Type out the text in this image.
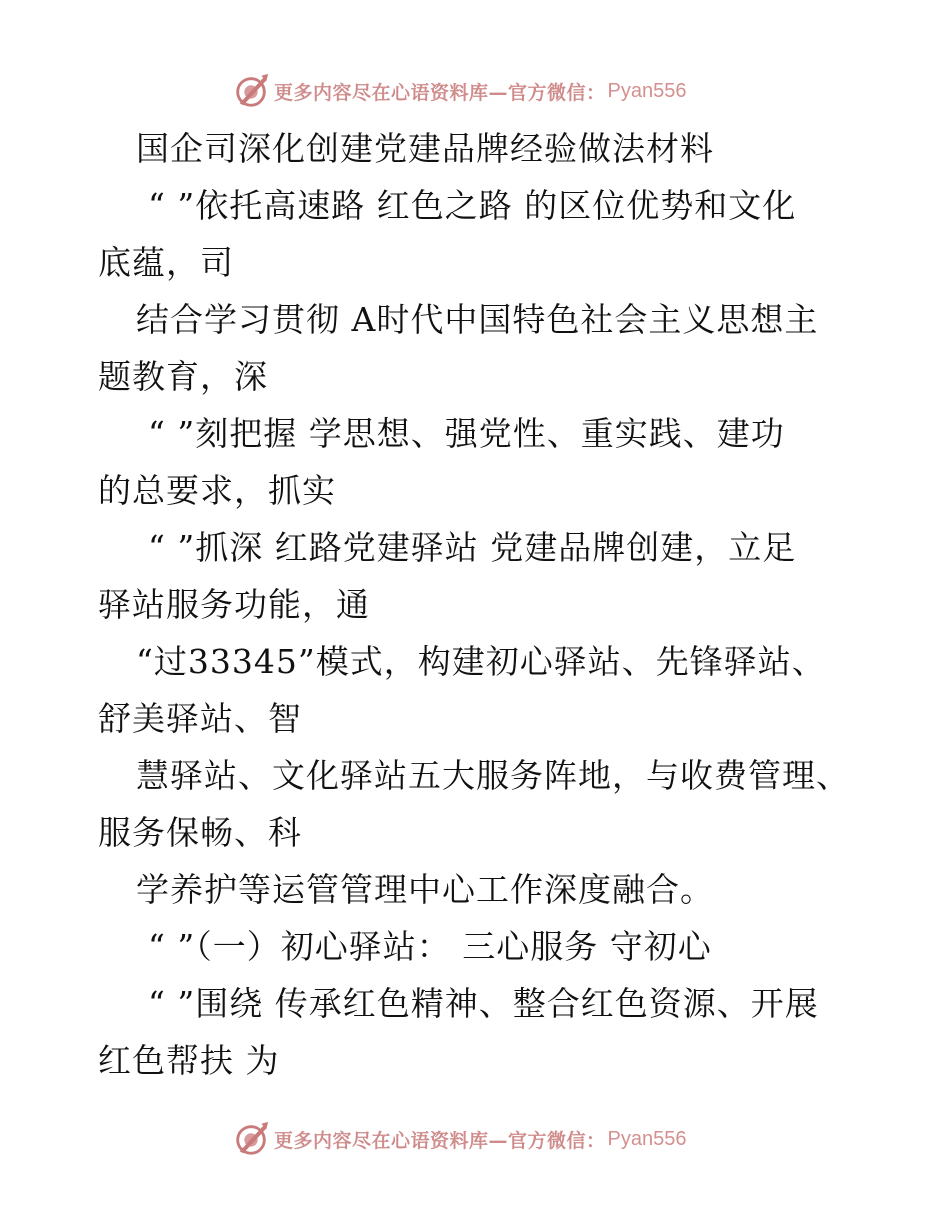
更多内容尽在心语资料库—官方微信： Pyan556
国企司深化创建党建品牌经验做法材料
“ ”依托高速路 红色之路 的区位优势和文化
底蕴，司
结合学习贯彻 A时代中国特色社会主义思想主
题教育，深
“ ”刻把握 学思想、强党性、重实践、建功
的总要求，抓实
“ ”抓深 红路党建驿站 党建品牌创建，立足
驿站服务功能，通
“过33345”模式，构建初心驿站、先锋驿站、
舒美驿站、智
慧驿站、文化驿站五大服务阵地，与收费管理、
服务保畅、科
学养护等运管管理中心工作深度融合。
“ ”（一）初心驿站： 三心服务 守初心
“ ”围绕 传承红色精神、整合红色资源、开展
红色帮扶 为
更多内容尽在心语资料库—官方微信： Pyan556
